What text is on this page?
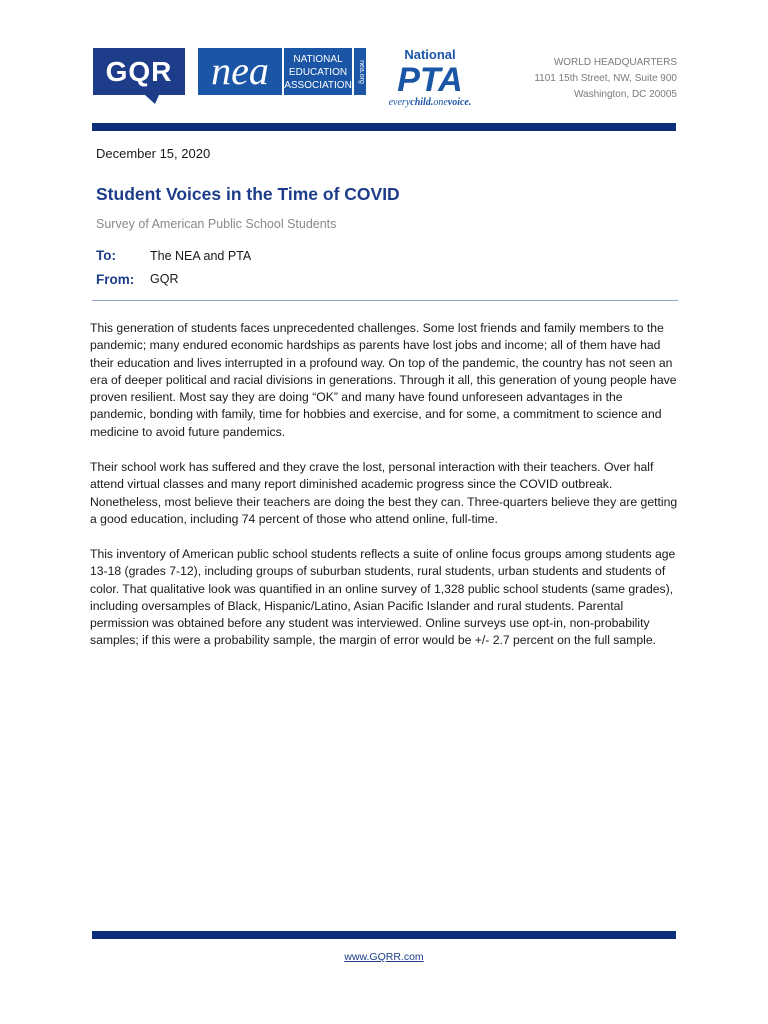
GQR nea NATIONAL
EDUCATION
ASSOCIATION
nea.org
National
PTA
everychild.onevoice.
WORLD HEADQUARTERS
1101 15th Street, NW, Suite 900
Washington, DC 20005
December 15, 2020
Student Voices in the Time of COVID
Survey of American Public School Students
To:	The NEA and PTA
From: GQR
This generation of students faces unprecedented challenges. Some lost friends and family members to the pandemic; many endured economic hardships as parents have lost jobs and income; all of them have had their education and lives interrupted in a profound way. On top of the pandemic, the country has not seen an era of deeper political and racial divisions in generations. Through it all, this generation of young people have proven resilient. Most say they are doing “OK” and many have found unforeseen advantages in the pandemic, bonding with family, time for hobbies and exercise, and for some, a commitment to science and medicine to avoid future pandemics.
Their school work has suffered and they crave the lost, personal interaction with their teachers. Over half attend virtual classes and many report diminished academic progress since the COVID outbreak. Nonetheless, most believe their teachers are doing the best they can. Three-quarters believe they are getting a good education, including 74 percent of those who attend online, full-time.
This inventory of American public school students reflects a suite of online focus groups among students age 13-18 (grades 7-12), including groups of suburban students, rural students, urban students and students of color. That qualitative look was quantified in an online survey of 1,328 public school students (same grades), including oversamples of Black, Hispanic/Latino, Asian Pacific Islander and rural students. Parental permission was obtained before any student was interviewed. Online surveys use opt-in, non-probability samples; if this were a probability sample, the margin of error would be +/- 2.7 percent on the full sample.
www.GQRR.com
